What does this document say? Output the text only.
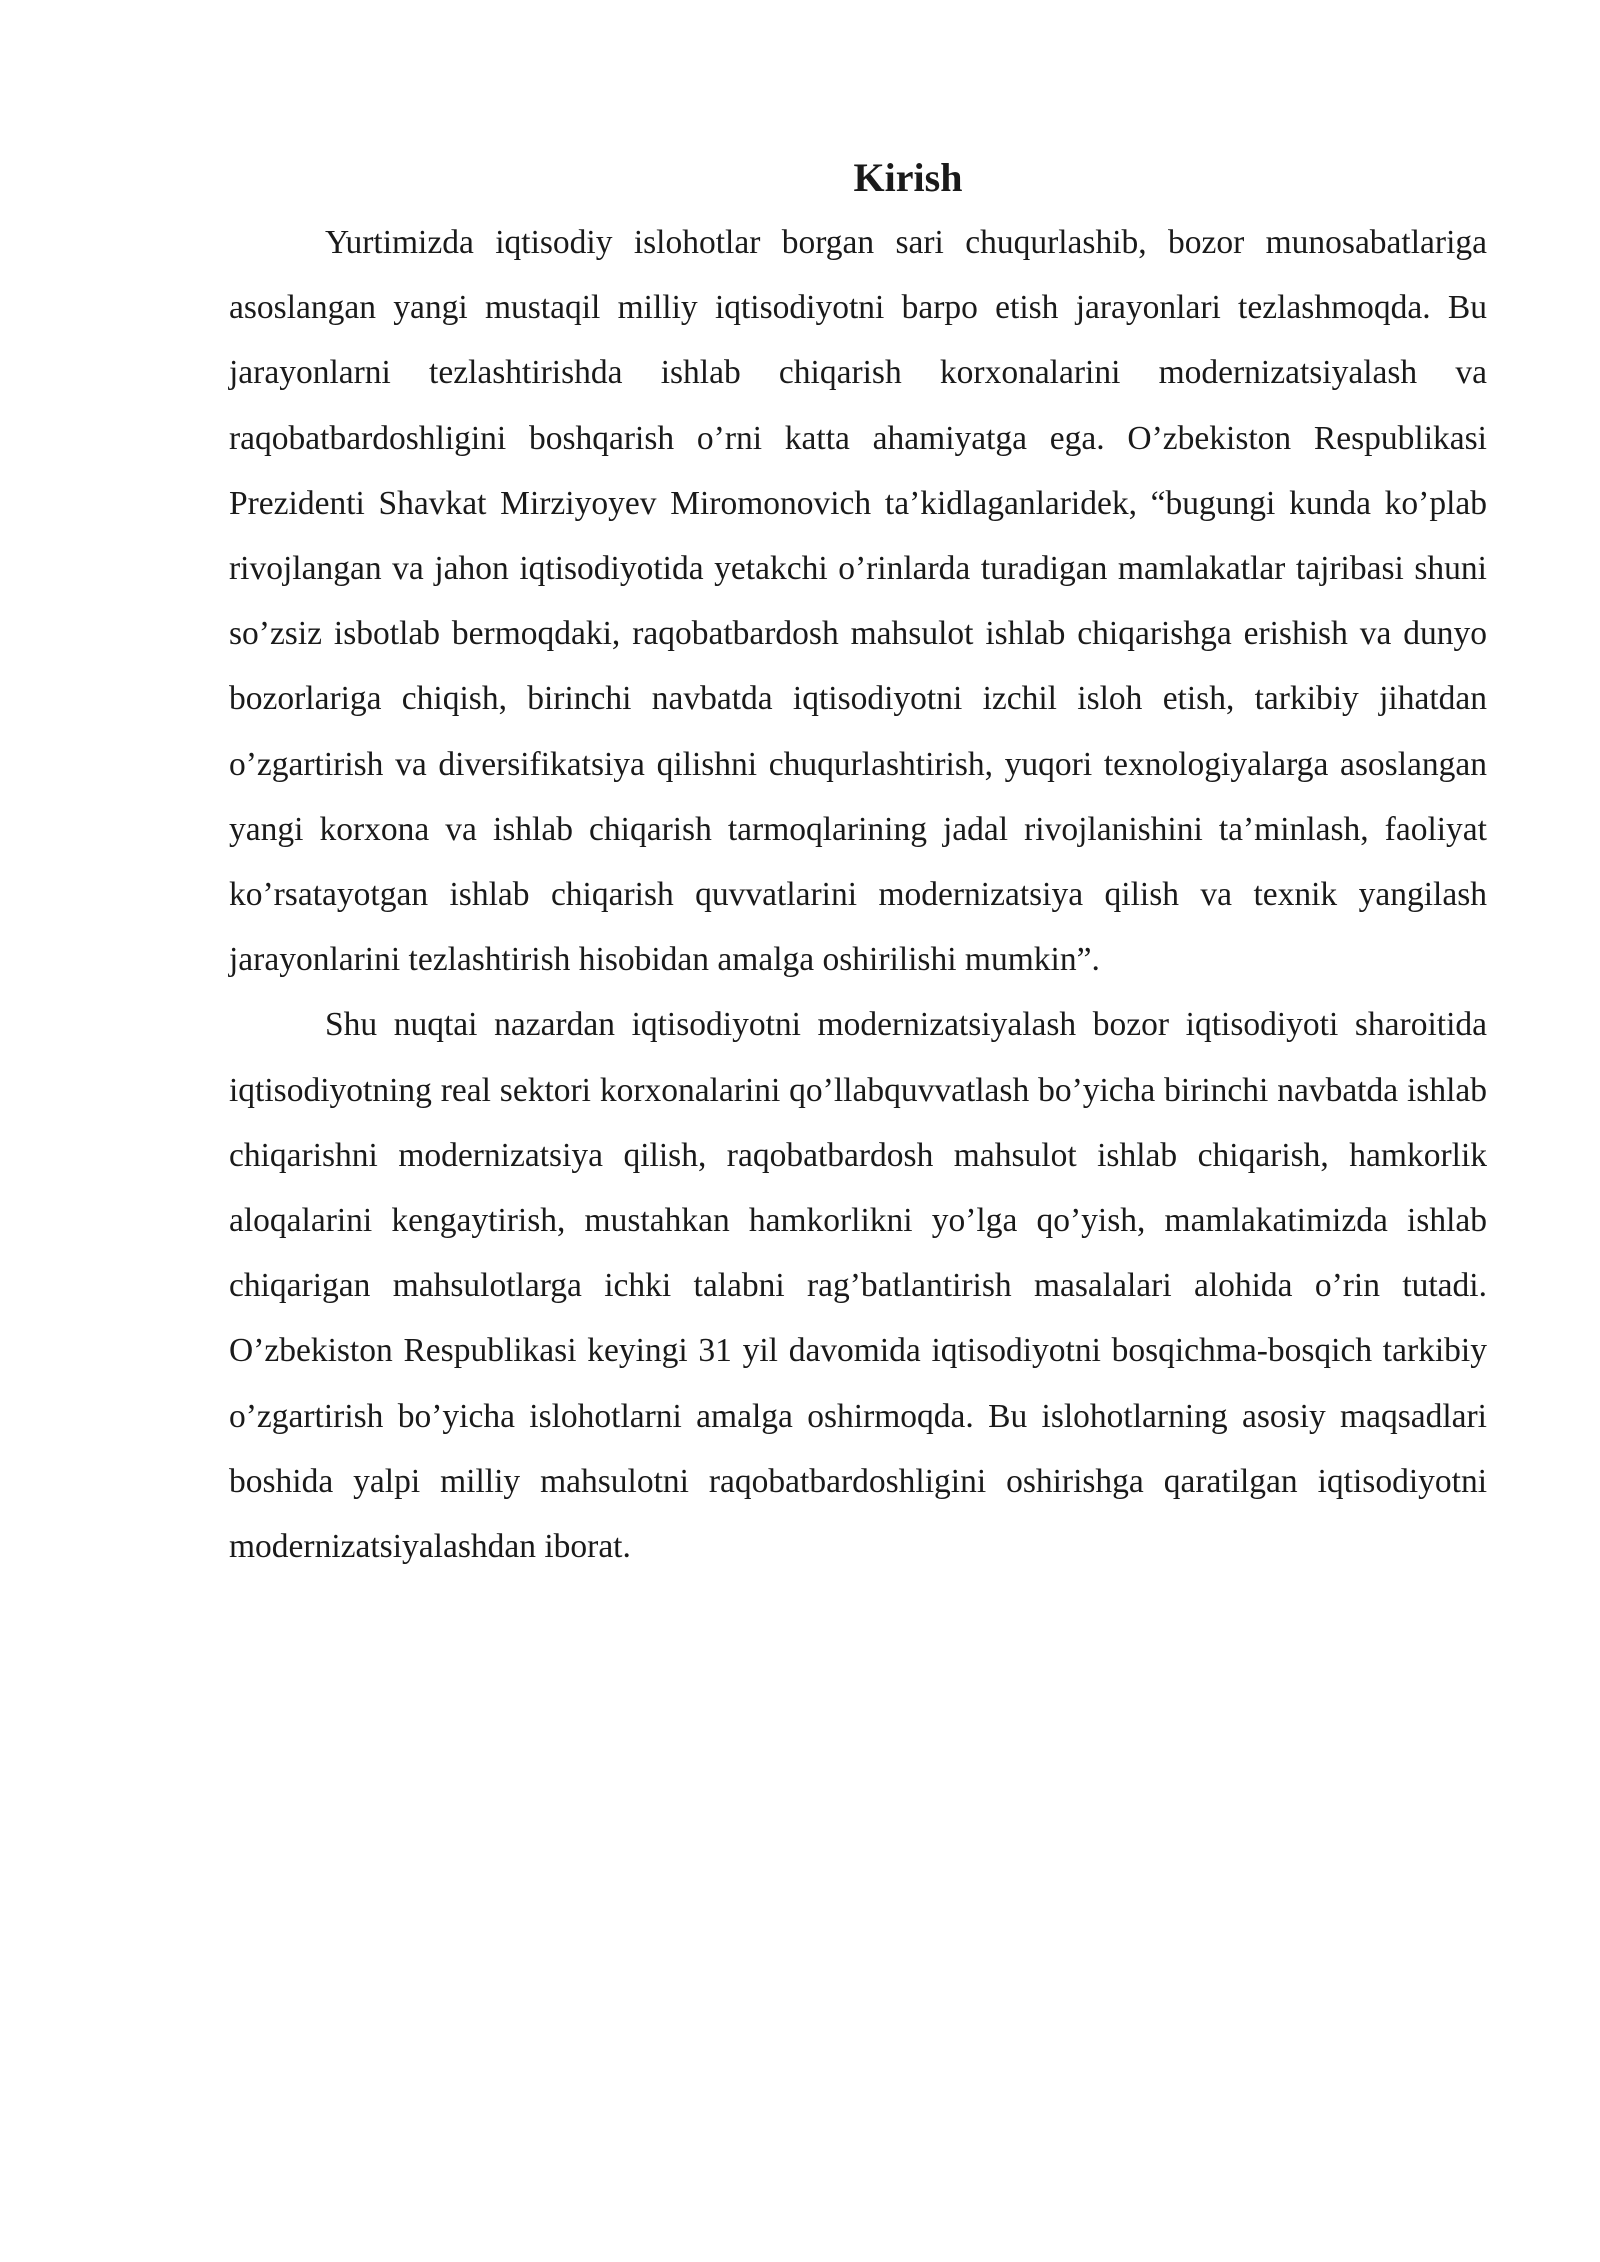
Kirish

Yurtimizda iqtisodiy islohotlar borgan sari chuqurlashib, bozor munosabatlariga asoslangan yangi mustaqil milliy iqtisodiyotni barpo etish jarayonlari tezlashmoqda. Bu jarayonlarni tezlashtirishda ishlab chiqarish korxonalarini modernizatsiyalash va raqobatbardoshligini boshqarish o’rni katta ahamiyatga ega. O’zbekiston Respublikasi Prezidenti Shavkat Mirziyoyev Miromonovich ta’kidlaganlaridek, “bugungi kunda ko’plab rivojlangan va jahon iqtisodiyotida yetakchi o’rinlarda turadigan mamlakatlar tajribasi shuni so’zsiz isbotlab bermoqdaki, raqobatbardosh mahsulot ishlab chiqarishga erishish va dunyo bozorlariga chiqish, birinchi navbatda iqtisodiyotni izchil isloh etish, tarkibiy jihatdan o’zgartirish va diversifikatsiya qilishni chuqurlashtirish, yuqori texnologiyalarga asoslangan yangi korxona va ishlab chiqarish tarmoqlarining jadal rivojlanishini ta’minlash, faoliyat ko’rsatayotgan ishlab chiqarish quvvatlarini modernizatsiya qilish va texnik yangilash jarayonlarini tezlashtirish hisobidan amalga oshirilishi mumkin”.

Shu nuqtai nazardan iqtisodiyotni modernizatsiyalash bozor iqtisodiyoti sharoitida iqtisodiyotning real sektori korxonalarini qo’llabquvvatlash bo’yicha birinchi navbatda ishlab chiqarishni modernizatsiya qilish, raqobatbardosh mahsulot ishlab chiqarish, hamkorlik aloqalarini kengaytirish, mustahkan hamkorlikni yo’lga qo’yish, mamlakatimizda ishlab chiqarigan mahsulotlarga ichki talabni rag’batlantirish masalalari alohida o’rin tutadi. O’zbekiston Respublikasi keyingi 31 yil davomida iqtisodiyotni bosqichma-bosqich tarkibiy o’zgartirish bo’yicha islohotlarni amalga oshirmoqda. Bu islohotlarning asosiy maqsadlari boshida yalpi milliy mahsulotni raqobatbardoshligini oshirishga qaratilgan iqtisodiyotni modernizatsiyalashdan iborat.
